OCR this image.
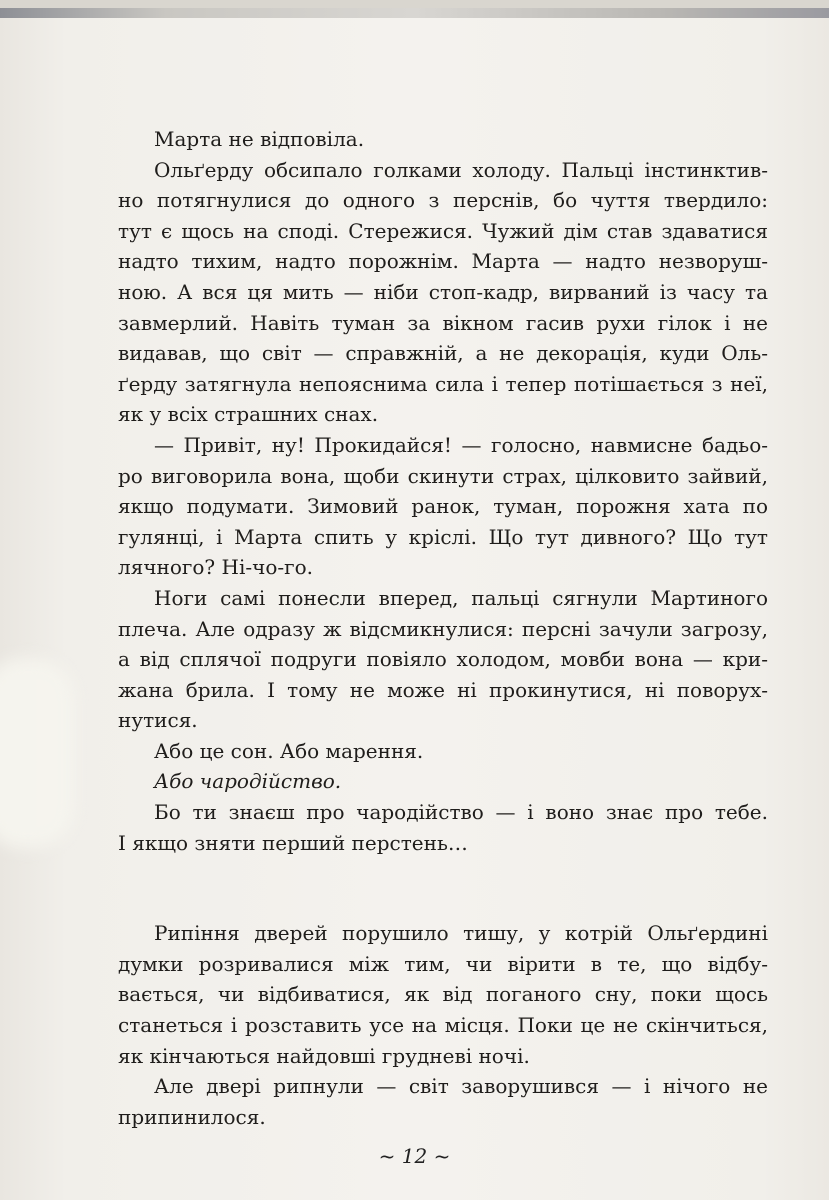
Марта не відповіла.

Ольґерду обсипало голками холоду. Пальці інстинктив-
но потягнулися до одного з перснів, бо чуття твердило:
тут є щось на споді. Стережися. Чужий дім став здаватися
надто тихим, надто порожнім. Марта — надто незворуш-
ною. А вся ця мить — ніби стоп-кадр, вирваний із часу та
завмерлий. Навіть туман за вікном гасив рухи гілок і не
видавав, що світ — справжній, а не декорація, куди Оль-
ґерду затягнула непояснима сила і тепер потішається з неї,
як у всіх страшних снах.

— Привіт, ну! Прокидайся! — голосно, навмисне бадьо-
ро виговорила вона, щоби скинути страх, цілковито зайвий,
якщо подумати. Зимовий ранок, туман, порожня хата по
гулянці, і Марта спить у кріслі. Що тут дивного? Що тут
лячного? Ні-чо-го.

Ноги самі понесли вперед, пальці сягнули Мартиного
плеча. Але одразу ж відсмикнулися: персні зачули загрозу,
а від сплячої подруги повіяло холодом, мовби вона — кри-
жана брила. І тому не може ні прокинутися, ні поворух-
нутися.

Або це сон. Або марення.

Або чародійство.

Бо ти знаєш про чародійство — і воно знає про тебе.
І якщо зняти перший перстень…

Рипіння дверей порушило тишу, у котрій Ольґердині
думки розривалися між тим, чи вірити в те, що відбу-
вається, чи відбиватися, як від поганого сну, поки щось
станеться і розставить усе на місця. Поки це не скінчиться,
як кінчаються найдовші грудневі ночі.

Але двері рипнули — світ заворушився — і нічого не
припинилося.

~ 12 ~
